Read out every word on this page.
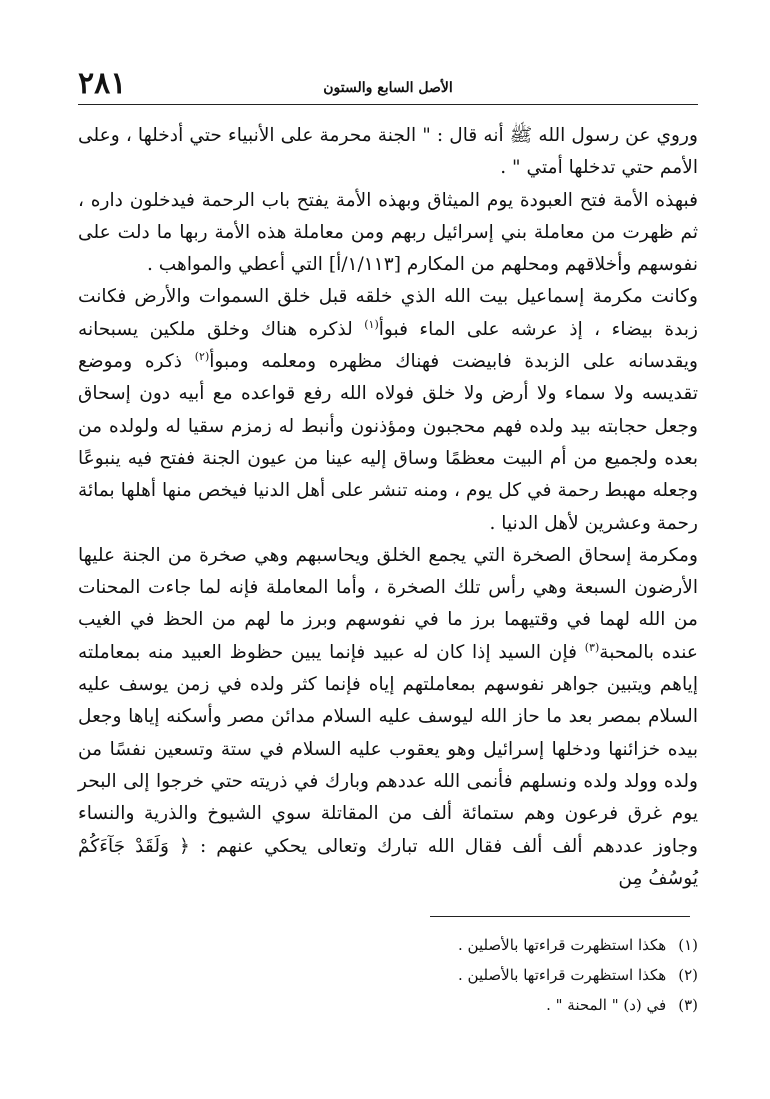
٢٨١	الأصل السابع والستون

وروي عن رسول الله ﷺ أنه قال : " الجنة محرمة على الأنبياء حتي أدخلها ، وعلى الأمم حتي تدخلها أمتي " .

فبهذه الأمة فتح العبودة يوم الميثاق وبهذه الأمة يفتح باب الرحمة فيدخلون داره ، ثم ظهرت من معاملة بني إسرائيل ربهم ومن معاملة هذه الأمة ربها ما دلت على نفوسهم وأخلاقهم ومحلهم من المكارم [١/١١٣/أ] التي أعطي والمواهب .

وكانت مكرمة إسماعيل بيت الله الذي خلقه قبل خلق السموات والأرض فكانت زبدة بيضاء ، إذ عرشه على الماء فبوأ$^{(١)}$ لذكره هناك وخلق ملكين يسبحانه ويقدسانه على الزبدة فابيضت فهناك مظهره ومعلمه ومبوأ$^{(٢)}$ ذكره وموضع تقديسه ولا سماء ولا أرض ولا خلق فولاه الله رفع قواعده مع أبيه دون إسحاق وجعل حجابته بيد ولده فهم محجبون ومؤذنون وأنبط له زمزم سقيا له ولولده من بعده ولجميع من أم البيت معظمًا وساق إليه عينا من عيون الجنة ففتح فيه ينبوعًا وجعله مهبط رحمة في كل يوم ، ومنه تنشر على أهل الدنيا فيخص منها أهلها بمائة رحمة وعشرين لأهل الدنيا .

ومكرمة إسحاق الصخرة التي يجمع الخلق ويحاسبهم وهي صخرة من الجنة عليها الأرضون السبعة وهي رأس تلك الصخرة ، وأما المعاملة فإنه لما جاءت المحنات من الله لهما في وقتيهما برز ما في نفوسهم وبرز ما لهم من الحظ في الغيب عنده بالمحبة$^{(٣)}$ فإن السيد إذا كان له عبيد فإنما يبين حظوظ العبيد منه بمعاملته إياهم ويتبين جواهر نفوسهم بمعاملتهم إياه فإنما كثر ولده في زمن يوسف عليه السلام بمصر بعد ما حاز الله ليوسف عليه السلام مدائن مصر وأسكنه إياها وجعل بيده خزائنها ودخلها إسرائيل وهو يعقوب عليه السلام في ستة وتسعين نفسًا من ولده وولد ولده ونسلهم فأنمى الله عددهم وبارك في ذريته حتي خرجوا إلى البحر يوم غرق فرعون وهم ستمائة ألف من المقاتلة سوي الشيوخ والذرية والنساء وجاوز عددهم ألف ألف فقال الله تبارك وتعالى يحكي عنهم : ﴿ وَلَقَدْ جَآءَكُمْ يُوسُفُ مِن

(١)هكذا استظهرت قراءتها بالأصلين .
(٢)هكذا استظهرت قراءتها بالأصلين .
(٣)في (د) " المحنة " .
